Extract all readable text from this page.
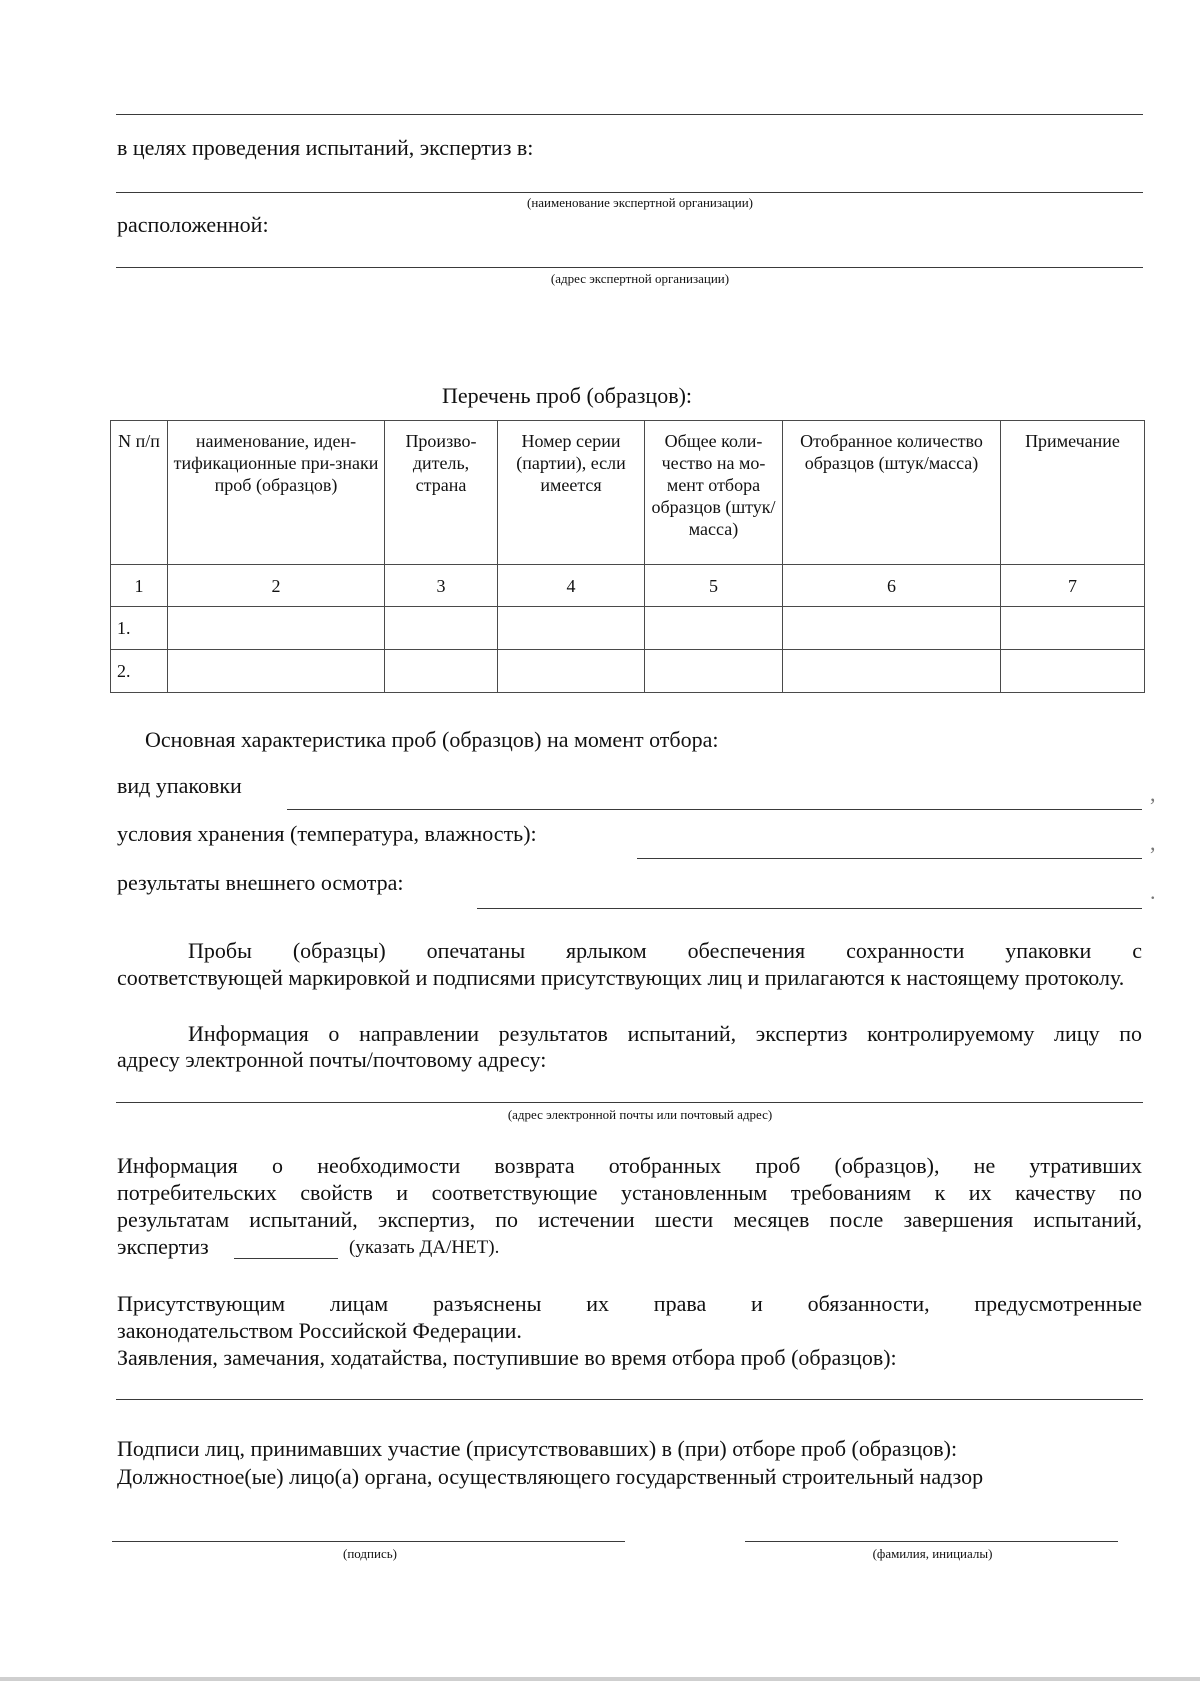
в целях проведения испытаний, экспертиз в:
(наименование экспертной организации)
расположенной:
(адрес экспертной организации)
Перечень проб (образцов):
N п/п	наименование, иден-тификационные при-знаки проб (образцов)	Произво-дитель, страна	Номер серии (партии), если имеется	Общее коли-чество на мо-мент отбора образцов (штук/масса)	Отобранное количество образцов (штук/масса)	Примечание
1	2	3	4	5	6	7
1.						
2.						
Основная характеристика проб (образцов) на момент отбора:
вид упаковки	,
условия хранения (температура, влажность):	,
результаты внешнего осмотра:	.
Пробы (образцы) опечатаны ярлыком обеспечения сохранности упаковки с
соответствующей маркировкой и подписями присутствующих лиц и прилагаются к настоящему протоколу.
Информация о направлении результатов испытаний, экспертиз контролируемому лицу по
адресу электронной почты/почтовому адресу:
(адрес электронной почты или почтовый адрес)
Информация о необходимости возврата отобранных проб (образцов), не утративших
потребительских свойств и соответствующие установленным требованиям к их качеству по
результатам испытаний, экспертиз, по истечении шести месяцев после завершения испытаний,
экспертиз	(указать ДА/НЕТ).
Присутствующим лицам разъяснены их права и обязанности, предусмотренные
законодательством Российской Федерации.
Заявления, замечания, ходатайства, поступившие во время отбора проб (образцов):
Подписи лиц, принимавших участие (присутствовавших) в (при) отборе проб (образцов):
Должностное(ые) лицо(а) органа, осуществляющего государственный строительный надзор
(подпись)	(фамилия, инициалы)
